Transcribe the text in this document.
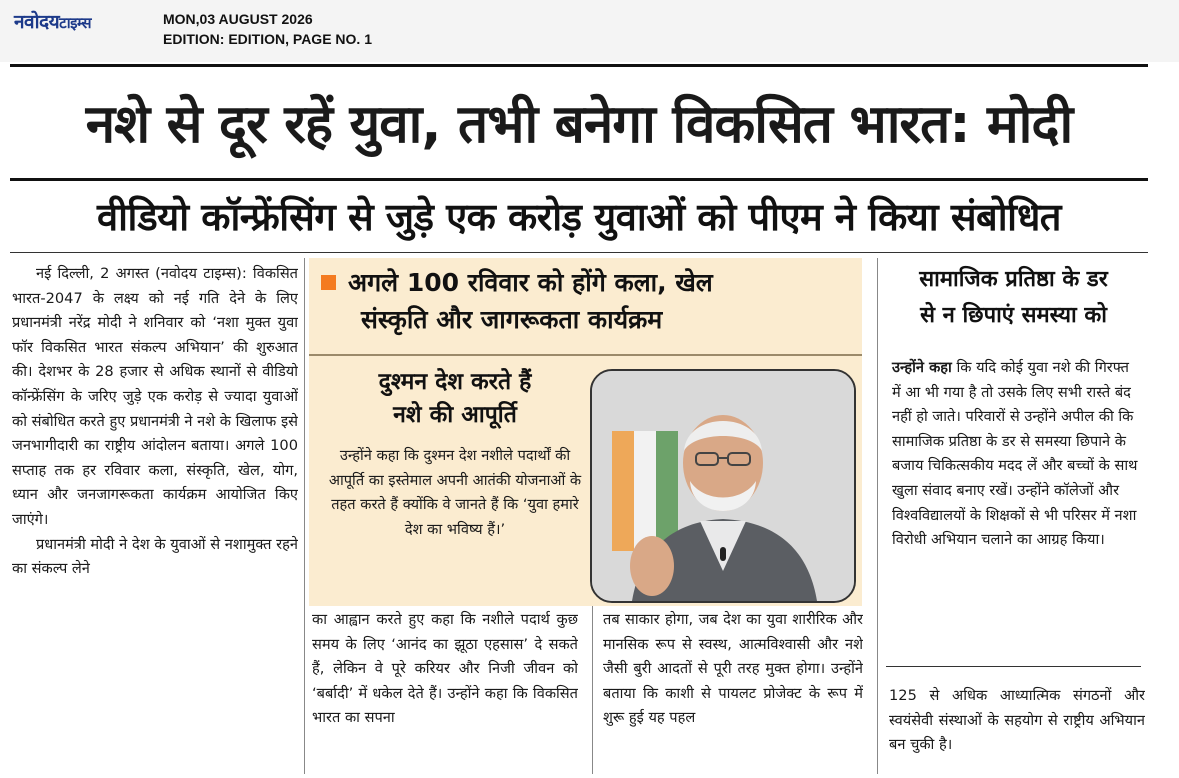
नवोदयटाइम्स	MON,03 AUGUST 2026
EDITION: EDITION, PAGE NO. 1
नशे से दूर रहें युवा, तभी बनेगा विकसित भारत: मोदी
वीडियो कॉन्फ्रेंसिंग से जुड़े एक करोड़ युवाओं को पीएम ने किया संबोधित

नई दिल्ली, 2 अगस्त (नवोदय टाइम्स): विकसित भारत-2047 के लक्ष्य को नई गति देने के लिए प्रधानमंत्री नरेंद्र मोदी ने शनिवार को ‘नशा मुक्त युवा फॉर विकसित भारत संकल्प अभियान’ की शुरुआत की। देशभर के 28 हजार से अधिक स्थानों से वीडियो कॉन्फ्रेंसिंग के जरिए जुड़े एक करोड़ से ज्यादा युवाओं को संबोधित करते हुए प्रधानमंत्री ने नशे के खिलाफ इसे जनभागीदारी का राष्ट्रीय आंदोलन बताया। अगले 100 सप्ताह तक हर रविवार कला, संस्कृति, खेल, योग, ध्यान और जनजागरूकता कार्यक्रम आयोजित किए जाएंगे।

प्रधानमंत्री मोदी ने देश के युवाओं से नशामुक्त रहने का संकल्प लेने

अगले 100 रविवार को होंगे कला, खेल
संस्कृति और जागरूकता कार्यक्रम
दुश्मन देश करते हैं
नशे की आपूर्ति
उन्होंने कहा कि दुश्मन देश नशीले पदार्थों की आपूर्ति का इस्तेमाल अपनी आतंकी योजनाओं के तहत करते हैं क्योंकि वे जानते हैं कि ‘युवा हमारे देश का भविष्य हैं।’
का आह्वान करते हुए कहा कि नशीले पदार्थ कुछ समय के लिए ‘आनंद का झूठा एहसास’ दे सकते हैं, लेकिन वे पूरे करियर और निजी जीवन को ‘बर्बादी’ में धकेल देते हैं। उन्होंने कहा कि विकसित भारत का सपना
तब साकार होगा, जब देश का युवा शारीरिक और मानसिक रूप से स्वस्थ, आत्मविश्वासी और नशे जैसी बुरी आदतों से पूरी तरह मुक्त होगा। उन्होंने बताया कि काशी से पायलट प्रोजेक्ट के रूप में शुरू हुई यह पहल
सामाजिक प्रतिष्ठा के डर
से न छिपाएं समस्या को
उन्होंने कहा कि यदि कोई युवा नशे की गिरफ्त में आ भी गया है तो उसके लिए सभी रास्ते बंद नहीं हो जाते। परिवारों से उन्होंने अपील की कि सामाजिक प्रतिष्ठा के डर से समस्या छिपाने के बजाय चिकित्सकीय मदद लें और बच्चों के साथ खुला संवाद बनाए रखें। उन्होंने कॉलेजों और विश्वविद्यालयों के शिक्षकों से भी परिसर में नशा विरोधी अभियान चलाने का आग्रह किया।
125 से अधिक आध्यात्मिक संगठनों और स्वयंसेवी संस्थाओं के सहयोग से राष्ट्रीय अभियान बन चुकी है।
